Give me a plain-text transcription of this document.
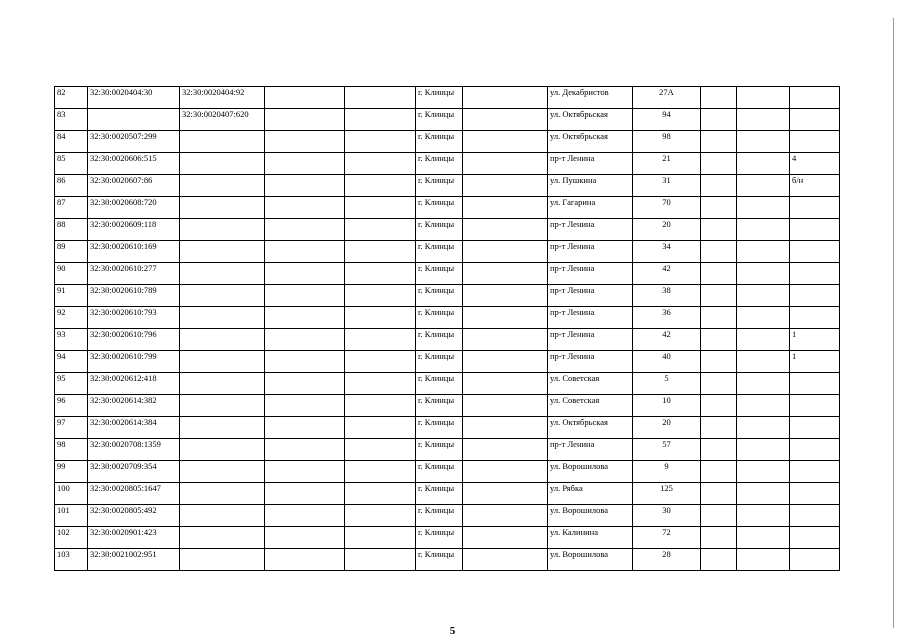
82	32:30:0020404:30	32:30:0020404:92			г. Клинцы		ул. Декабристов	27А			
83		32:30:0020407:620			г. Клинцы		ул. Октябрьская	94			
84	32:30:0020507:299				г. Клинцы		ул. Октябрьская	98			
85	32:30:0020606:515				г. Клинцы		пр-т Ленина	21			4
86	32:30:0020607:86				г. Клинцы		ул. Пушкина	31			б/н
87	32:30:0020608:720				г. Клинцы		ул. Гагарина	70			
88	32:30:0020609:118				г. Клинцы		пр-т Ленина	20			
89	32:30:0020610:169				г. Клинцы		пр-т Ленина	34			
90	32:30:0020610:277				г. Клинцы		пр-т Ленина	42			
91	32:30:0020610:789				г. Клинцы		пр-т Ленина	38			
92	32:30:0020610:793				г. Клинцы		пр-т Ленина	36			
93	32:30:0020610:796				г. Клинцы		пр-т Ленина	42			1
94	32:30:0020610:799				г. Клинцы		пр-т Ленина	40			1
95	32:30:0020612:418				г. Клинцы		ул. Советская	5			
96	32:30:0020614:382				г. Клинцы		ул. Советская	10			
97	32:30:0020614:384				г. Клинцы		ул. Октябрьская	20			
98	32:30:0020708:1359				г. Клинцы		пр-т Ленина	57			
99	32:30:0020709:354				г. Клинцы		ул. Ворошилова	9			
100	32:30:0020805:1647				г. Клинцы		ул. Рябка	125			
101	32:30:0020805:492				г. Клинцы		ул. Ворошилова	30			
102	32:30:0020901:423				г. Клинцы		ул. Калинина	72			
103	32:30:0021002:951				г. Клинцы		ул. Ворошилова	28			
5
